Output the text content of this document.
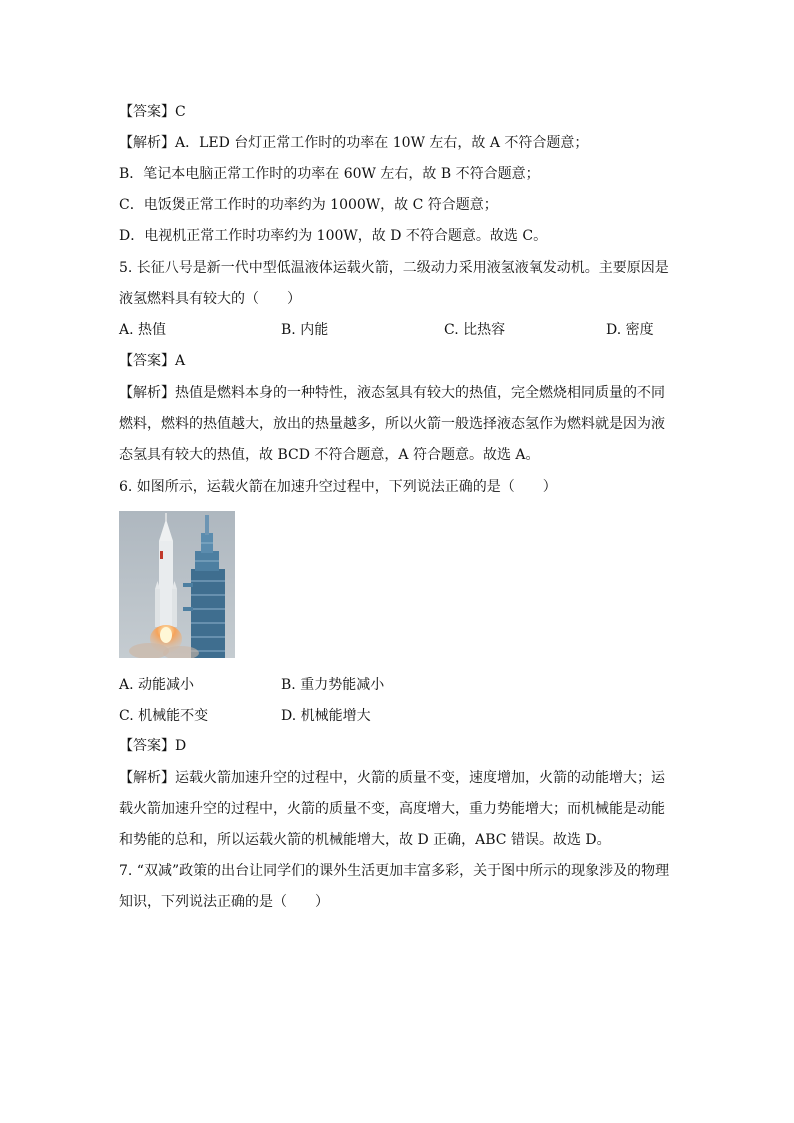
【答案】C
【解析】A．LED 台灯正常工作时的功率在 10W 左右，故 A 不符合题意；
B．笔记本电脑正常工作时的功率在 60W 左右，故 B 不符合题意；
C．电饭煲正常工作时的功率约为 1000W，故 C 符合题意；
D．电视机正常工作时功率约为 100W，故 D 不符合题意。故选 C。
5. 长征八号是新一代中型低温液体运载火箭，二级动力采用液氢液氧发动机。主要原因是
液氢燃料具有较大的（　　）
A. 热值	B. 内能	C. 比热容	D. 密度
【答案】A
【解析】热值是燃料本身的一种特性，液态氢具有较大的热值，完全燃烧相同质量的不同
燃料，燃料的热值越大，放出的热量越多，所以火箭一般选择液态氢作为燃料就是因为液
态氢具有较大的热值，故 BCD 不符合题意，A 符合题意。故选 A。
6. 如图所示，运载火箭在加速升空过程中，下列说法正确的是（　　）
A. 动能减小	B. 重力势能减小
C. 机械能不变	D. 机械能增大
【答案】D
【解析】运载火箭加速升空的过程中，火箭的质量不变，速度增加，火箭的动能增大；运
载火箭加速升空的过程中，火箭的质量不变，高度增大，重力势能增大；而机械能是动能
和势能的总和，所以运载火箭的机械能增大，故 D 正确，ABC 错误。故选 D。
7. “双减”政策的出台让同学们的课外生活更加丰富多彩，关于图中所示的现象涉及的物理
知识，下列说法正确的是（　　）
